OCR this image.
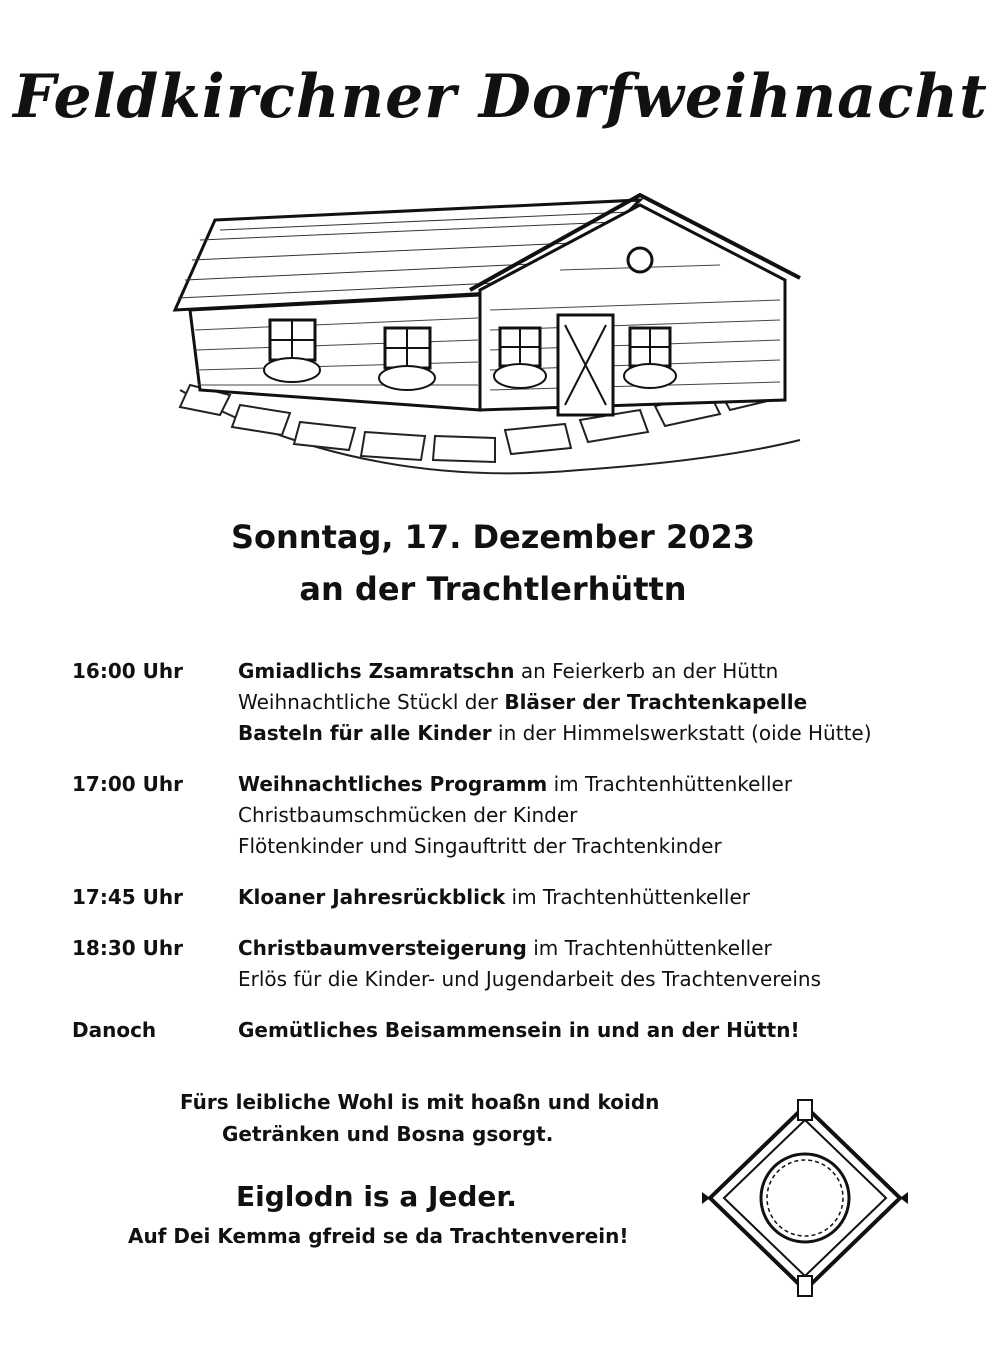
Feldkirchner Dorfweihnacht
Sonntag, 17. Dezember 2023
an der Trachtlerhüttn
16:00 Uhr	Gmiadlichs Zsamratschn an Feierkerb an der Hüttn
Weihnachtliche Stückl der Bläser der Trachtenkapelle
Basteln für alle Kinder in der Himmelswerkstatt (oide Hütte)
17:00 Uhr	Weihnachtliches Programm im Trachtenhüttenkeller
Christbaumschmücken der Kinder
Flötenkinder und Singauftritt der Trachtenkinder
17:45 Uhr	Kloaner Jahresrückblick im Trachtenhüttenkeller
18:30 Uhr	Christbaumversteigerung im Trachtenhüttenkeller
Erlös für die Kinder- und Jugendarbeit des Trachtenvereins
Danoch	Gemütliches Beisammensein in und an der Hüttn!
Fürs leibliche Wohl is mit hoaßn und koidn
Getränken und Bosna gsorgt.
Eiglodn is a Jeder.
Auf Dei Kemma gfreid se da Trachtenverein!
